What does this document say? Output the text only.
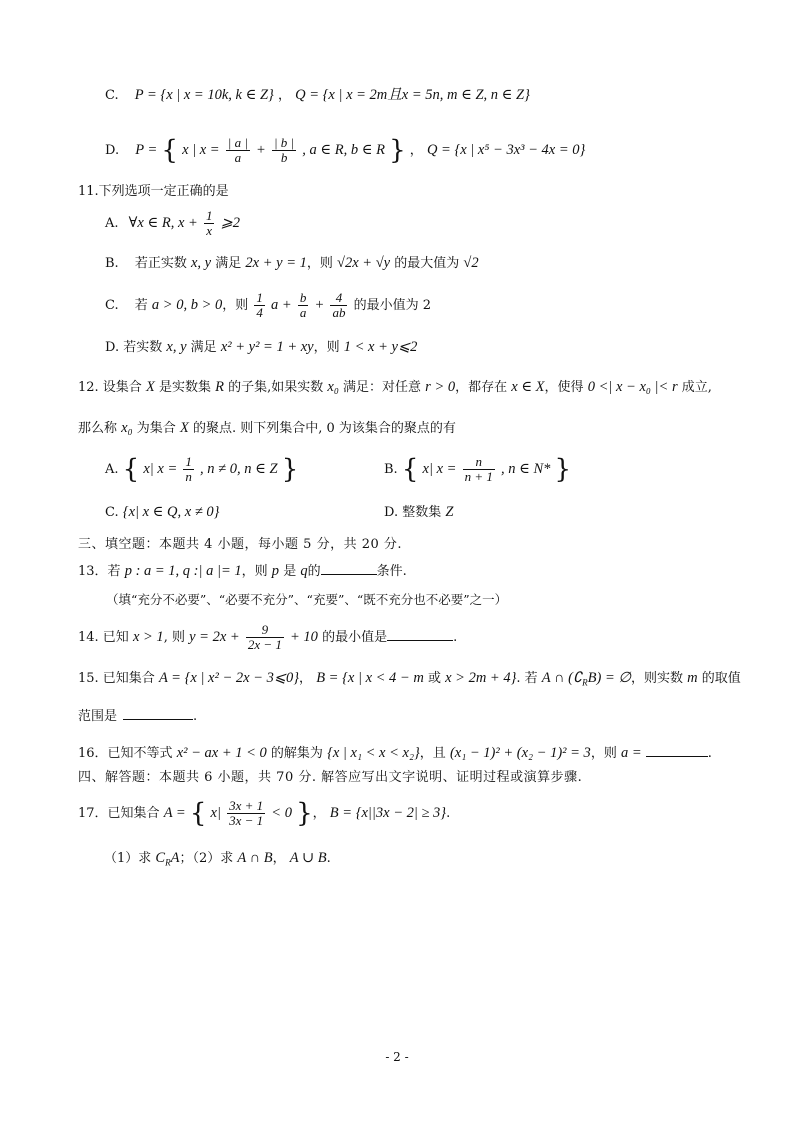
C. P = {x | x = 10k, k ∈ Z} ， Q = {x | x = 2m且x = 5n, m ∈ Z, n ∈ Z}
D. P = { x | $x = \frac{| a |}{a} + \frac{| b |}{b}$ , a ∈ R, b ∈ R } ， Q = {x | x⁵ − 3x³ − 4x = 0}
11.下列选项一定正确的是
A. ∀x ∈ R, $x + \frac{1}{x}$ ⩾2
B. 若正实数 x, y 满足 2x + y = 1，则 √2x + √y 的最大值为 √2
C. 若 a > 0, b > 0，则 $\frac{1}{4}$ $a + \frac{b}{a} + \frac{4}{ab}$ 的最小值为 2
D. 若实数 x, y 满足 x² + y² = 1 + xy，则 1 < x + y⩽2
12. 设集合 X 是实数集 R 的子集,如果实数 x₀ 满足：对任意 r > 0，都存在 x ∈ X，使得 0 <| x − x₀ |< r 成立,
那么称 x₀ 为集合 X 的聚点. 则下列集合中, 0 为该集合的聚点的有
A. { x| $x = \frac{1}{n}$ , n ≠ 0, n ∈ Z }	B. { x| $x = \frac{n}{n + 1}$ , n ∈ N* }
C. {x| x ∈ Q, x ≠ 0}	D. 整数集 Z
三、填空题：本题共 4 小题，每小题 5 分，共 20 分.
13．若 p : a = 1, q :| a |= 1，则 p 是 q的	条件.
（填“充分不必要”、“必要不充分”、“充要”、“既不充分也不必要”之一）
14. 已知 x > 1, 则 $y = 2x + \frac{9}{2x - 1} + 10$ 的最小值是	.
15. 已知集合 A = {x | x² − 2x − 3⩽0}， B = {x | x < 4 − m 或 x > 2m + 4}. 若 A ∩ $(∁_RB)$ = ∅，则实数 m 的取值
范围是	.
16．已知不等式 x² − ax + 1 < 0 的解集为 {x | x₁ < x < x₂}，且 (x₁ − 1)² + (x₂ − 1)² = 3，则 a =	.
四、解答题：本题共 6 小题，共 70 分. 解答应写出文字说明、证明过程或演算步骤.
17．已知集合 A = { $x| \frac{3x + 1}{3x - 1} < 0$ }， B = {x||3x − 2| ≥ 3}.
（1）求 $C_RA$；（2）求 A ∩ B， A ∪ B.
- 2 -
